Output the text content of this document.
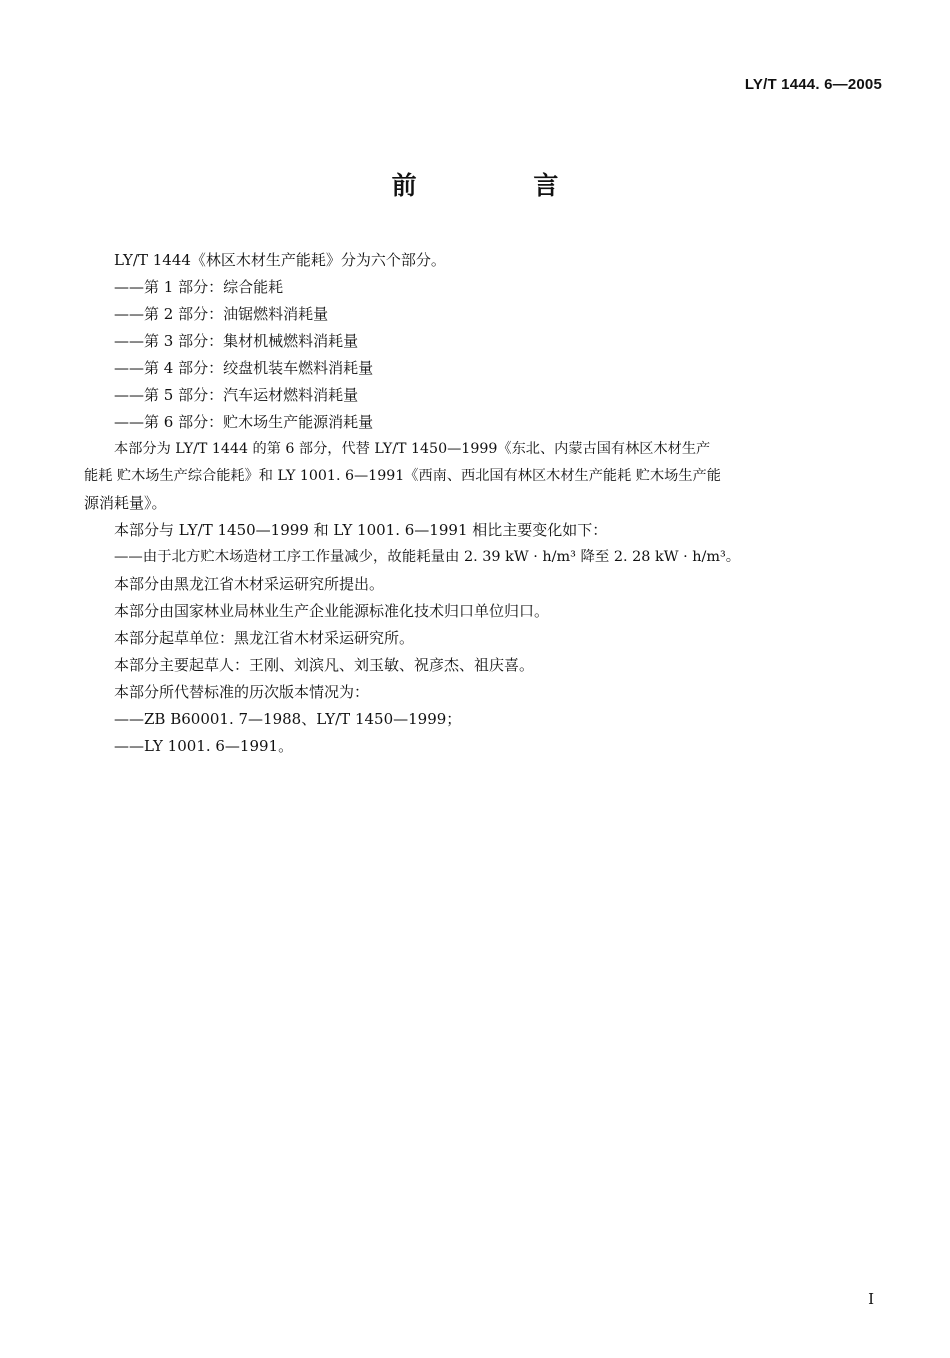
LY/T 1444. 6—2005
前 言

LY/T 1444《林区木材生产能耗》分为六个部分。

——第 1 部分：综合能耗

——第 2 部分：油锯燃料消耗量

——第 3 部分：集材机械燃料消耗量

——第 4 部分：绞盘机装车燃料消耗量

——第 5 部分：汽车运材燃料消耗量

——第 6 部分：贮木场生产能源消耗量

本部分为 LY/T 1444 的第 6 部分，代替 LY/T 1450—1999《东北、内蒙古国有林区木材生产

能耗 贮木场生产综合能耗》和 LY 1001. 6—1991《西南、西北国有林区木材生产能耗 贮木场生产能

源消耗量》。

本部分与 LY/T 1450—1999 和 LY 1001. 6—1991 相比主要变化如下：

——由于北方贮木场造材工序工作量减少，故能耗量由 2. 39 kW · h/m³ 降至 2. 28 kW · h/m³。

本部分由黑龙江省木材采运研究所提出。

本部分由国家林业局林业生产企业能源标准化技术归口单位归口。

本部分起草单位：黑龙江省木材采运研究所。

本部分主要起草人：王刚、刘滨凡、刘玉敏、祝彦杰、祖庆喜。

本部分所代替标准的历次版本情况为：

——ZB B60001. 7—1988、LY/T 1450—1999；

——LY 1001. 6—1991。

I
